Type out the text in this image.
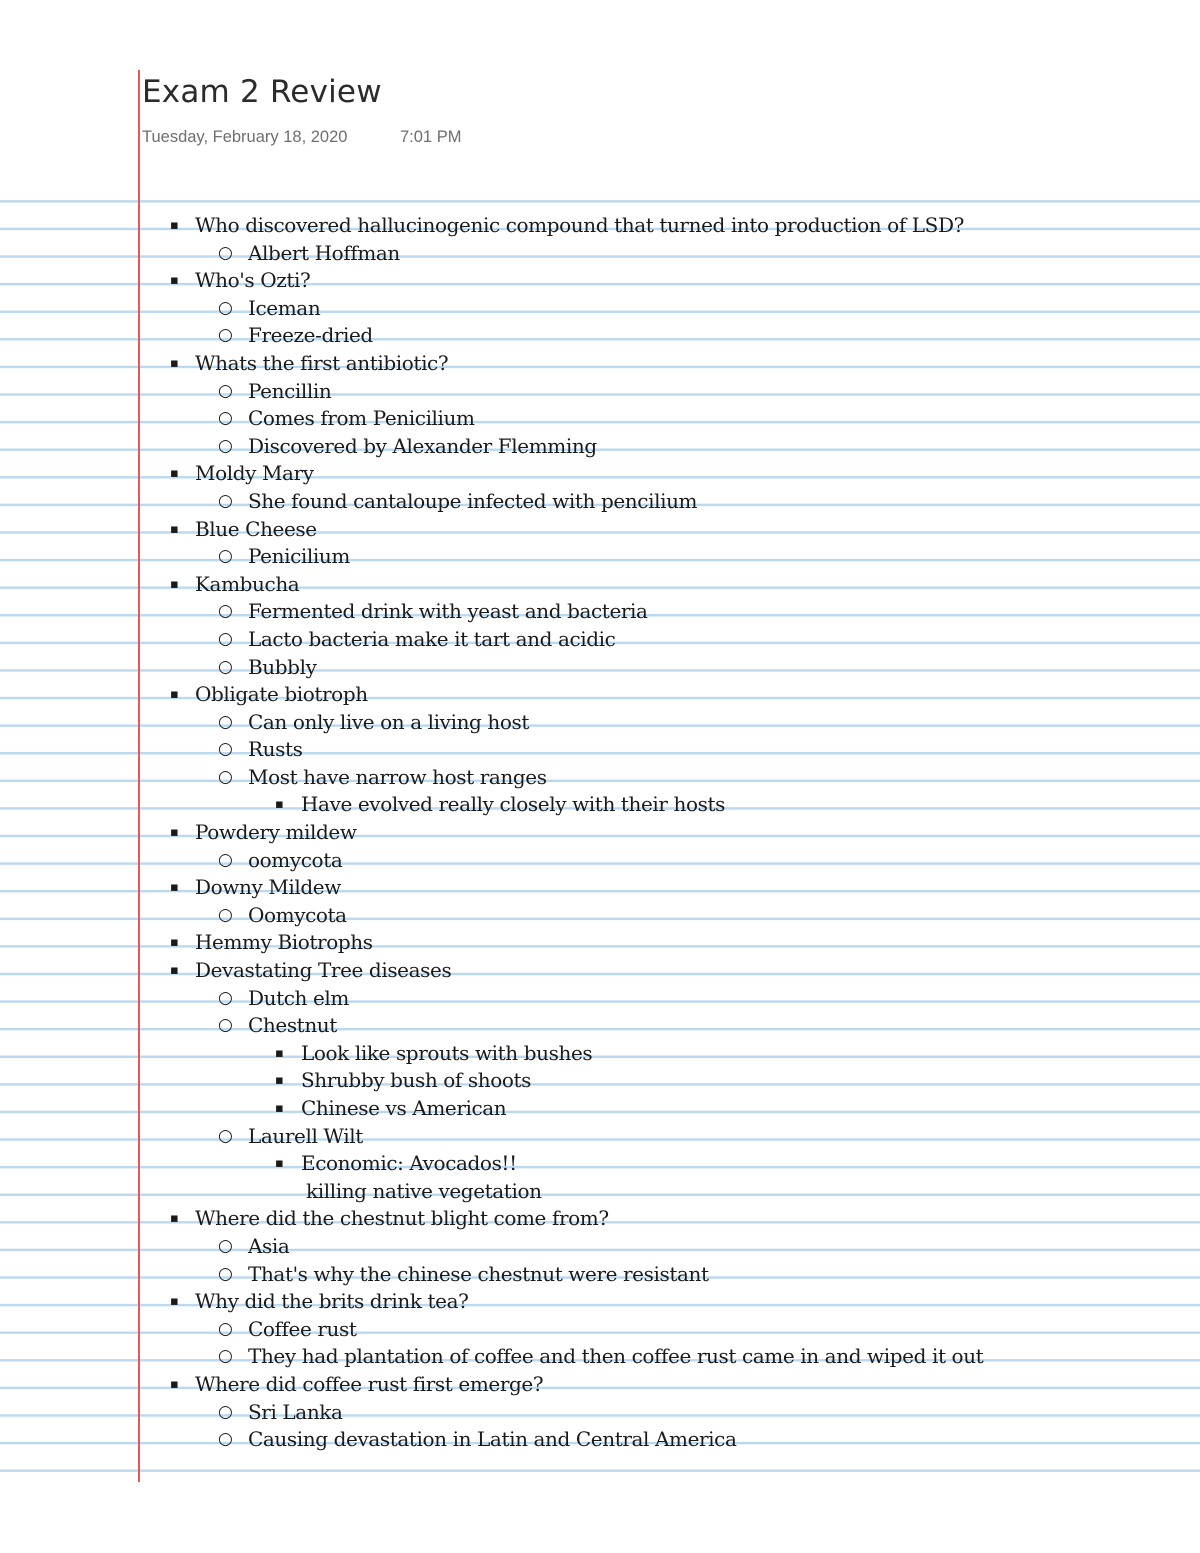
Exam 2 Review
Tuesday, February 18, 2020	7:01 PM
▪ Who discovered hallucinogenic compound that turned into production of LSD?
○ Albert Hoffman
▪ Who's Ozti?
○ Iceman
○ Freeze-dried
▪ Whats the first antibiotic?
○ Pencillin
○ Comes from Penicilium
○ Discovered by Alexander Flemming
▪ Moldy Mary
○ She found cantaloupe infected with pencilium
▪ Blue Cheese
○ Penicilium
▪ Kambucha
○ Fermented drink with yeast and bacteria
○ Lacto bacteria make it tart and acidic
○ Bubbly
▪ Obligate biotroph
○ Can only live on a living host
○ Rusts
○ Most have narrow host ranges
▪ Have evolved really closely with their hosts
▪ Powdery mildew
○ oomycota
▪ Downy Mildew
○ Oomycota
▪ Hemmy Biotrophs
▪ Devastating Tree diseases
○ Dutch elm
○ Chestnut
▪ Look like sprouts with bushes
▪ Shrubby bush of shoots
▪ Chinese vs American
○ Laurell Wilt
▪ Economic: Avocados!!
killing native vegetation
▪ Where did the chestnut blight come from?
○ Asia
○ That's why the chinese chestnut were resistant
▪ Why did the brits drink tea?
○ Coffee rust
○ They had plantation of coffee and then coffee rust came in and wiped it out
▪ Where did coffee rust first emerge?
○ Sri Lanka
○ Causing devastation in Latin and Central America
